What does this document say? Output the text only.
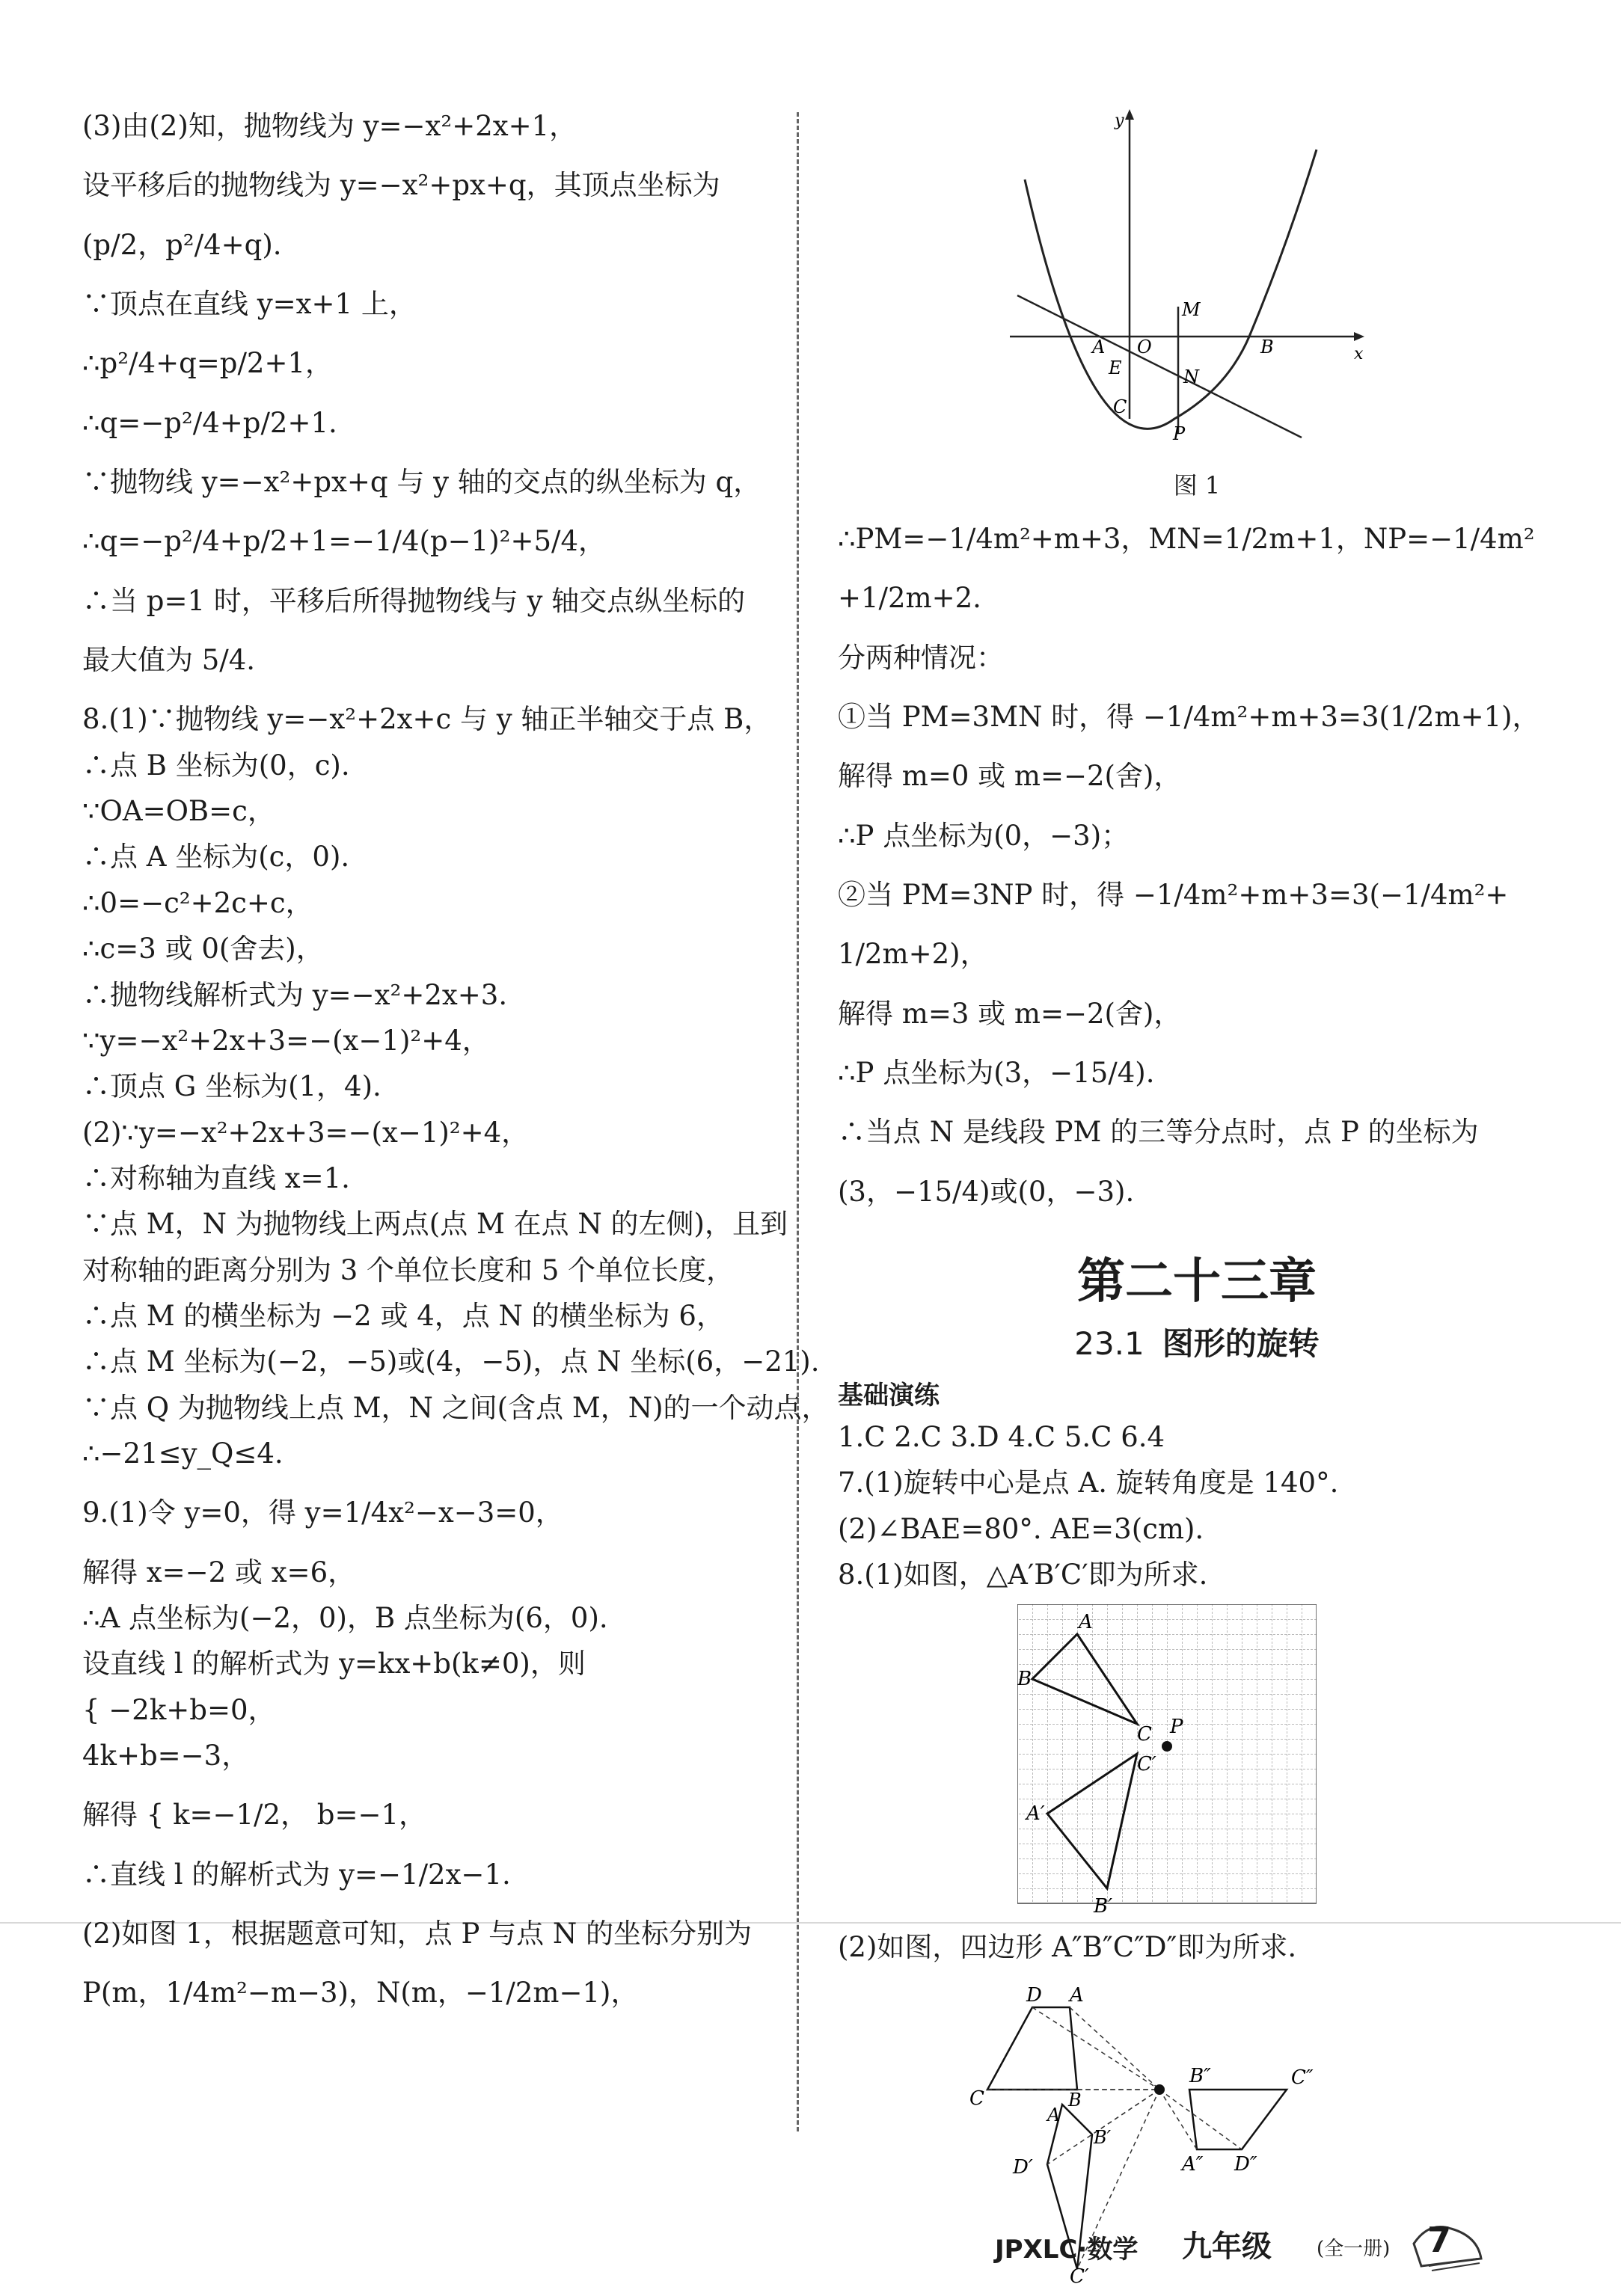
(3)由(2)知，抛物线为 y=−x²+2x+1，
设平移后的抛物线为 y=−x²+px+q，其顶点坐标为
(p/2，p²/4+q).
∵顶点在直线 y=x+1 上，
∴p²/4+q=p/2+1，
∴q=−p²/4+p/2+1.
∵抛物线 y=−x²+px+q 与 y 轴的交点的纵坐标为 q，
∴q=−p²/4+p/2+1=−1/4(p−1)²+5/4，
∴当 p=1 时，平移后所得抛物线与 y 轴交点纵坐标的
最大值为 5/4.
8.(1)∵抛物线 y=−x²+2x+c 与 y 轴正半轴交于点 B，
∴点 B 坐标为(0，c).
∵OA=OB=c，
∴点 A 坐标为(c，0).
∴0=−c²+2c+c，
∴c=3 或 0(舍去)，
∴抛物线解析式为 y=−x²+2x+3.
∵y=−x²+2x+3=−(x−1)²+4，
∴顶点 G 坐标为(1，4).
(2)∵y=−x²+2x+3=−(x−1)²+4，
∴对称轴为直线 x=1.
∵点 M，N 为抛物线上两点(点 M 在点 N 的左侧)，且到
对称轴的距离分别为 3 个单位长度和 5 个单位长度，
∴点 M 的横坐标为 −2 或 4，点 N 的横坐标为 6，
∴点 M 坐标为(−2，−5)或(4，−5)，点 N 坐标(6，−21).
∵点 Q 为抛物线上点 M，N 之间(含点 M，N)的一个动点，
∴−21≤y_Q≤4.
9.(1)令 y=0，得 y=1/4x²−x−3=0，
解得 x=−2 或 x=6，
∴A 点坐标为(−2，0)，B 点坐标为(6，0).
设直线 l 的解析式为 y=kx+b(k≠0)，则
{ −2k+b=0，
4k+b=−3，
解得 { k=−1/2， b=−1，
∴直线 l 的解析式为 y=−1/2x−1.
(2)如图 1，根据题意可知，点 P 与点 N 的坐标分别为
P(m，1/4m²−m−3)，N(m，−1/2m−1)，
y
x
M
A O	B
E	N
C
P
图 1
∴PM=−1/4m²+m+3，MN=1/2m+1，NP=−1/4m²
+1/2m+2.
分两种情况：
①当 PM=3MN 时，得 −1/4m²+m+3=3(1/2m+1)，
解得 m=0 或 m=−2(舍)，
∴P 点坐标为(0，−3)；
②当 PM=3NP 时，得 −1/4m²+m+3=3(−1/4m²+
1/2m+2)，
解得 m=3 或 m=−2(舍)，
∴P 点坐标为(3，−15/4).
∴当点 N 是线段 PM 的三等分点时，点 P 的坐标为
(3，−15/4)或(0，−3).
第二十三章
23.1 图形的旋转
基础演练
1.C 2.C 3.D 4.C 5.C 6.4
7.(1)旋转中心是点 A. 旋转角度是 140°.
(2)∠BAE=80°. AE=3(cm).
8.(1)如图，△A′B′C′即为所求.
A
B
C P
C′
A′
B′
(2)如图，四边形 A″B″C″D″即为所求.
D A
C
B″	C″
A
B
B′
D′	A″ D″
C′
JPXLC·数学 九年级 (全一册) 7
